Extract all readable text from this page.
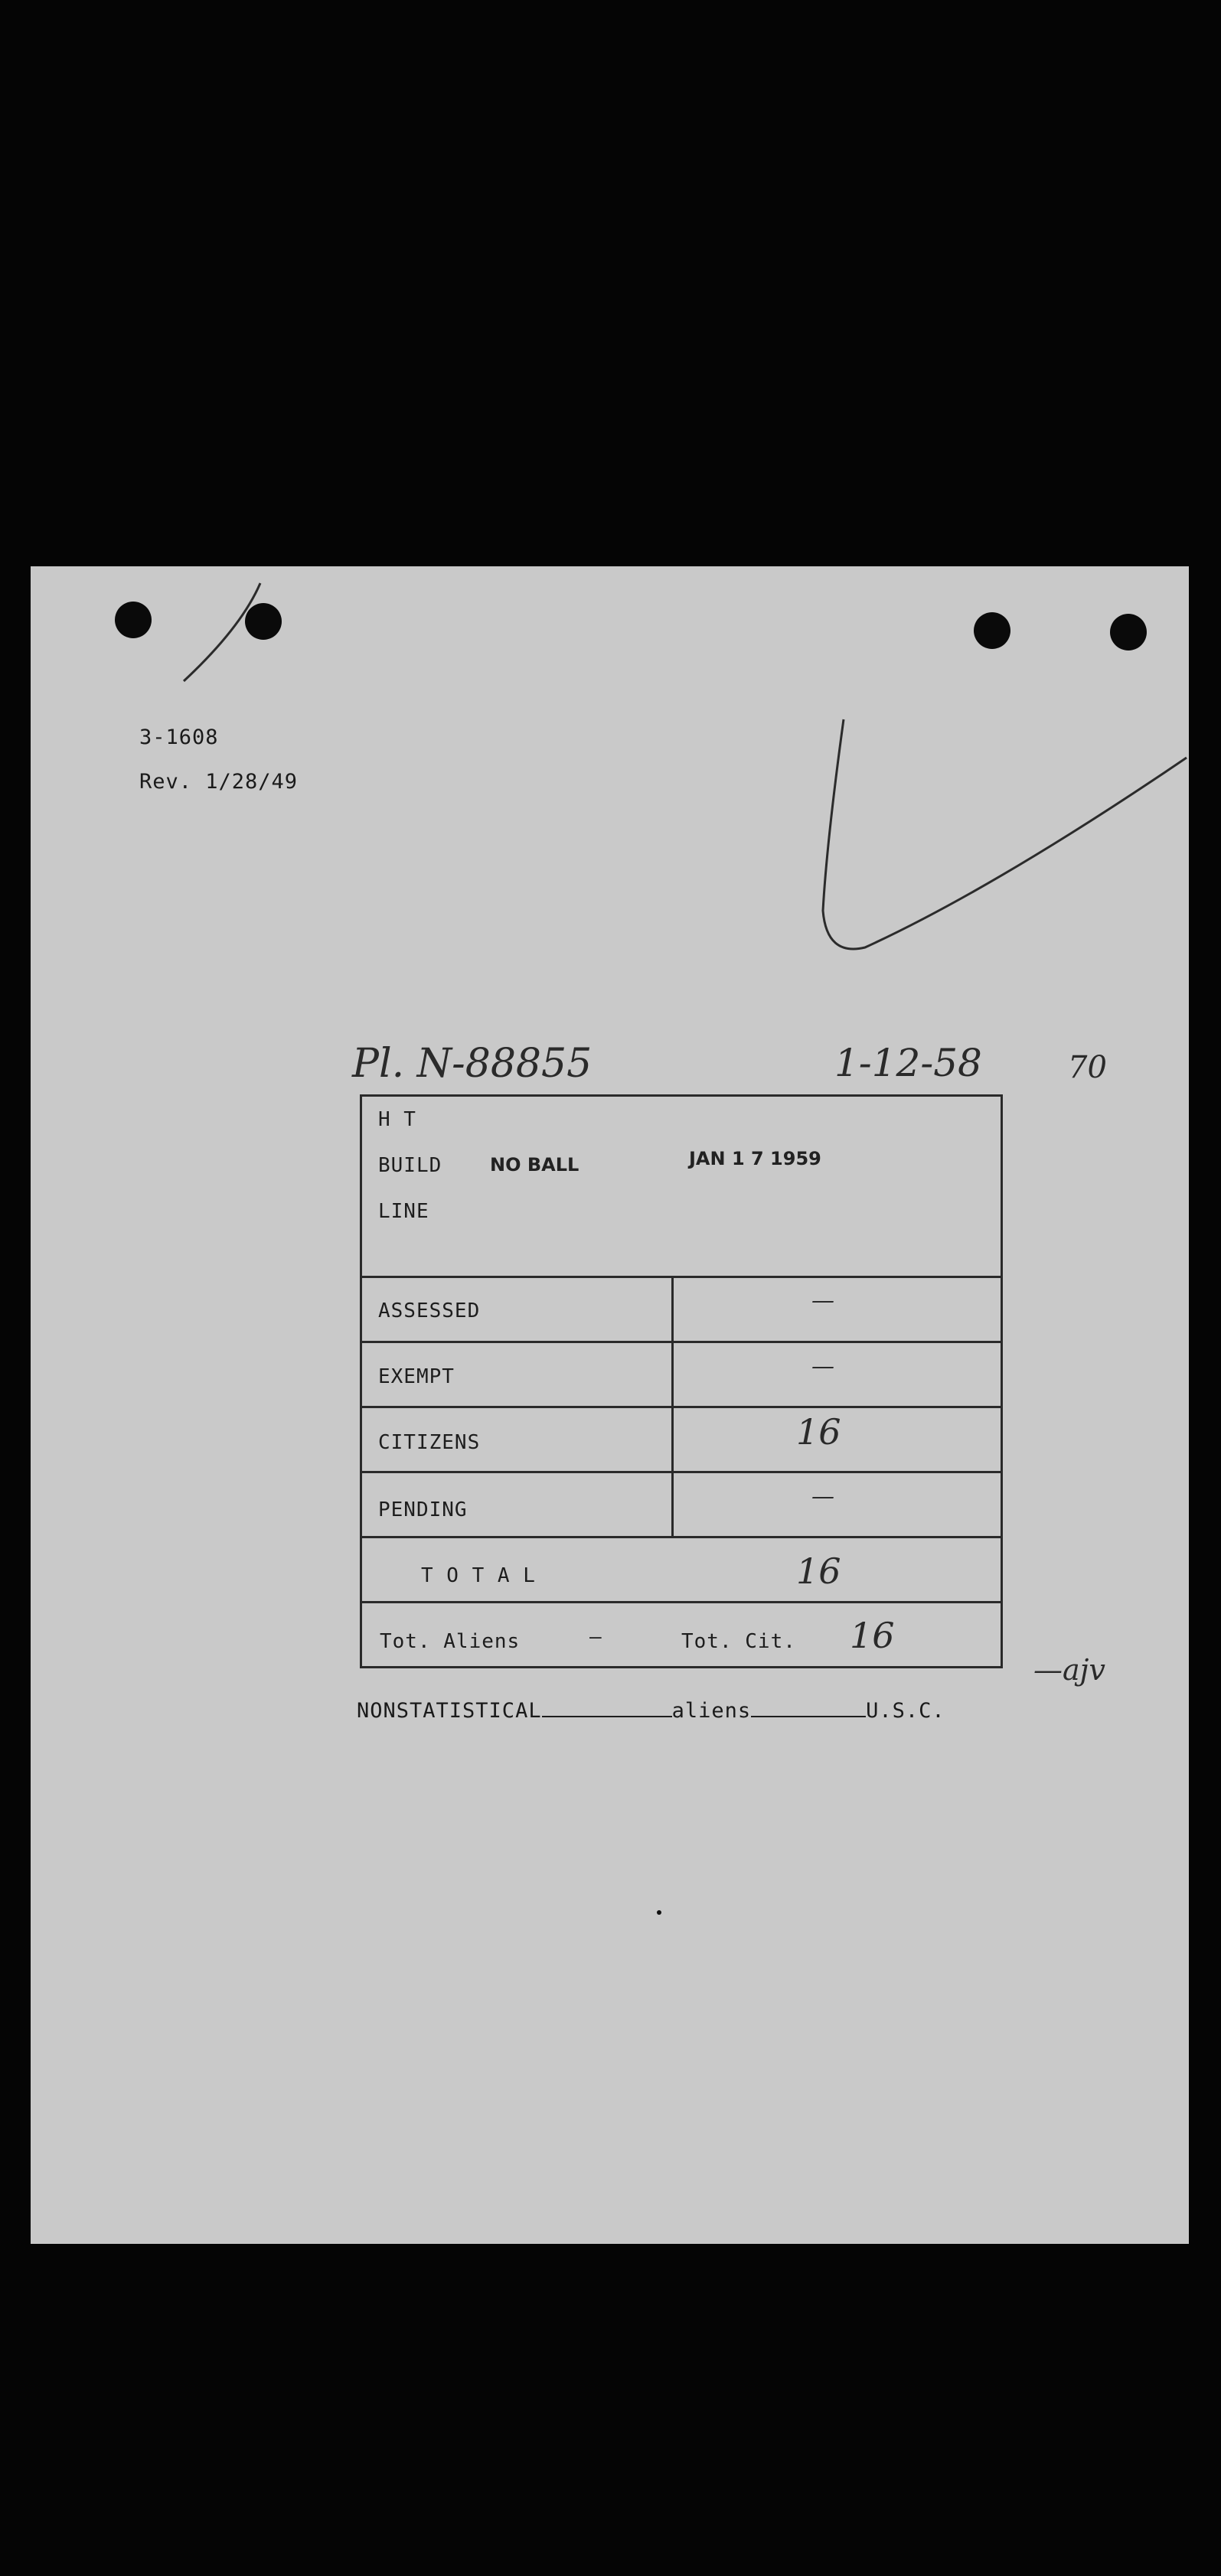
3-1608
Rev. 1/28/49
Pl. N-88855	1-12-58	70
—ajv
H T
BUILD	NO BALL	JAN 1 7 1959
LINE
ASSESSED	—
EXEMPT	—
CITIZENS	16
PENDING	—
T O T A L	16
Tot. Aliens	—	Tot. Cit. 16
NONSTATISTICAL	aliens	U.S.C.
